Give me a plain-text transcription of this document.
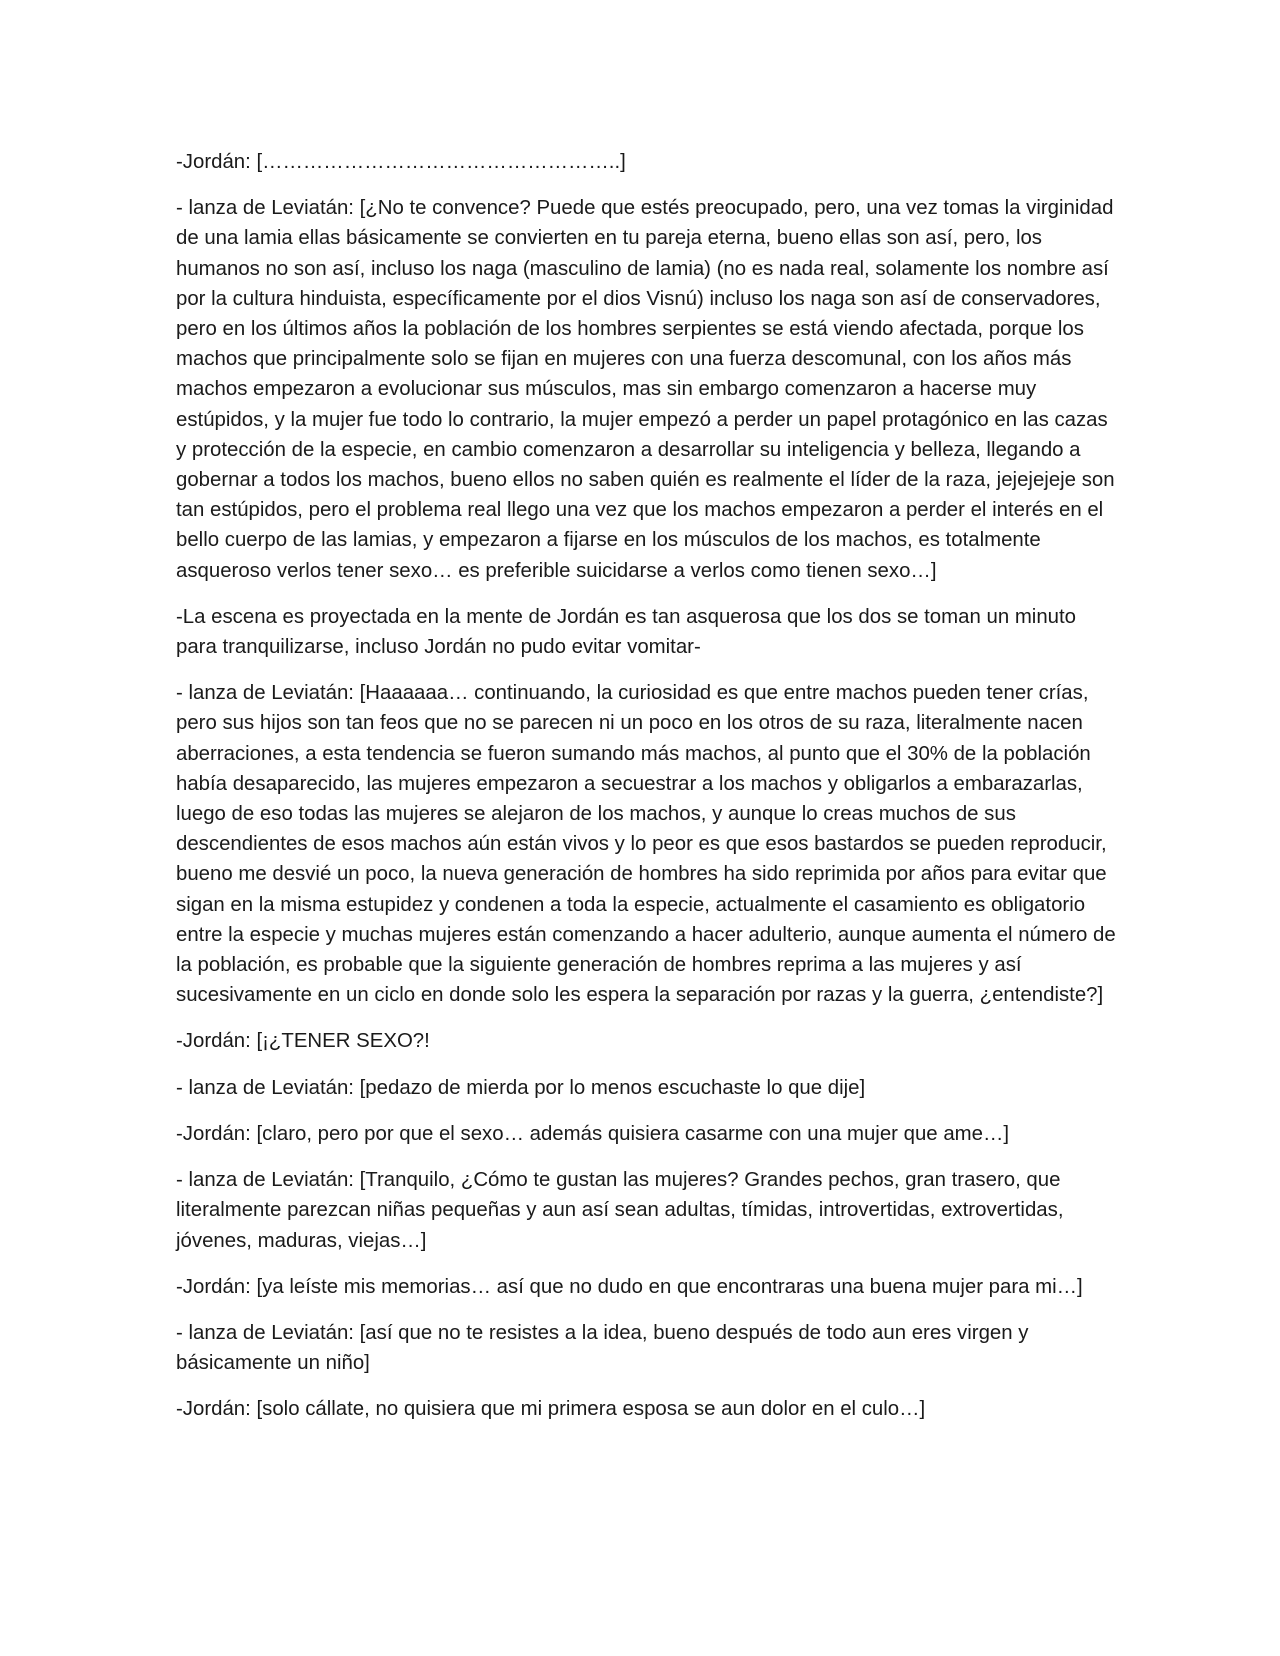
-Jordán: [……………………………………………..]

- lanza de Leviatán: [¿No te convence? Puede que estés preocupado, pero, una vez tomas la virginidad de una lamia ellas básicamente se convierten en tu pareja eterna, bueno ellas son así, pero, los humanos no son así, incluso los naga (masculino de lamia) (no es nada real, solamente los nombre así por la cultura hinduista, específicamente por el dios Visnú) incluso los naga son así de conservadores, pero en los últimos años la población de los hombres serpientes se está viendo afectada, porque los machos que principalmente solo se fijan en mujeres con una fuerza descomunal, con los años más machos empezaron a evolucionar sus músculos, mas sin embargo comenzaron a hacerse muy estúpidos, y la mujer fue todo lo contrario, la mujer empezó a perder un papel protagónico en las cazas y protección de la especie, en cambio comenzaron a desarrollar su inteligencia y belleza, llegando a gobernar a todos los machos, bueno ellos no saben quién es realmente el líder de la raza, jejejejeje son tan estúpidos, pero el problema real llego una vez que los machos empezaron a perder el interés en el bello cuerpo de las lamias, y empezaron a fijarse en los músculos de los machos, es totalmente asqueroso verlos tener sexo… es preferible suicidarse a verlos como tienen sexo…]

-La escena es proyectada en la mente de Jordán es tan asquerosa que los dos se toman un minuto para tranquilizarse, incluso Jordán no pudo evitar vomitar-

- lanza de Leviatán: [Haaaaaa… continuando, la curiosidad es que entre machos pueden tener crías, pero sus hijos son tan feos que no se parecen ni un poco en los otros de su raza, literalmente nacen aberraciones, a esta tendencia se fueron sumando más machos, al punto que el 30% de la población había desaparecido, las mujeres empezaron a secuestrar a los machos y obligarlos a embarazarlas, luego de eso todas las mujeres se alejaron de los machos, y aunque lo creas muchos de sus descendientes de esos machos aún están vivos y lo peor es que esos bastardos se pueden reproducir, bueno me desvié un poco, la nueva generación de hombres ha sido reprimida por años para evitar que sigan en la misma estupidez y condenen a toda la especie, actualmente el casamiento es obligatorio entre la especie y muchas mujeres están comenzando a hacer adulterio, aunque aumenta el número de la población, es probable que la siguiente generación de hombres reprima a las mujeres y así sucesivamente en un ciclo en donde solo les espera la separación por razas y la guerra, ¿entendiste?]

-Jordán: [¡¿TENER SEXO?!

- lanza de Leviatán: [pedazo de mierda por lo menos escuchaste lo que dije]

-Jordán: [claro, pero por que el sexo… además quisiera casarme con una mujer que ame…]

- lanza de Leviatán: [Tranquilo, ¿Cómo te gustan las mujeres? Grandes pechos, gran trasero, que literalmente parezcan niñas pequeñas y aun así sean adultas, tímidas, introvertidas, extrovertidas, jóvenes, maduras, viejas…]

-Jordán: [ya leíste mis memorias… así que no dudo en que encontraras una buena mujer para mi…]

- lanza de Leviatán: [así que no te resistes a la idea, bueno después de todo aun eres virgen y básicamente un niño]

-Jordán: [solo cállate, no quisiera que mi primera esposa se aun dolor en el culo…]
